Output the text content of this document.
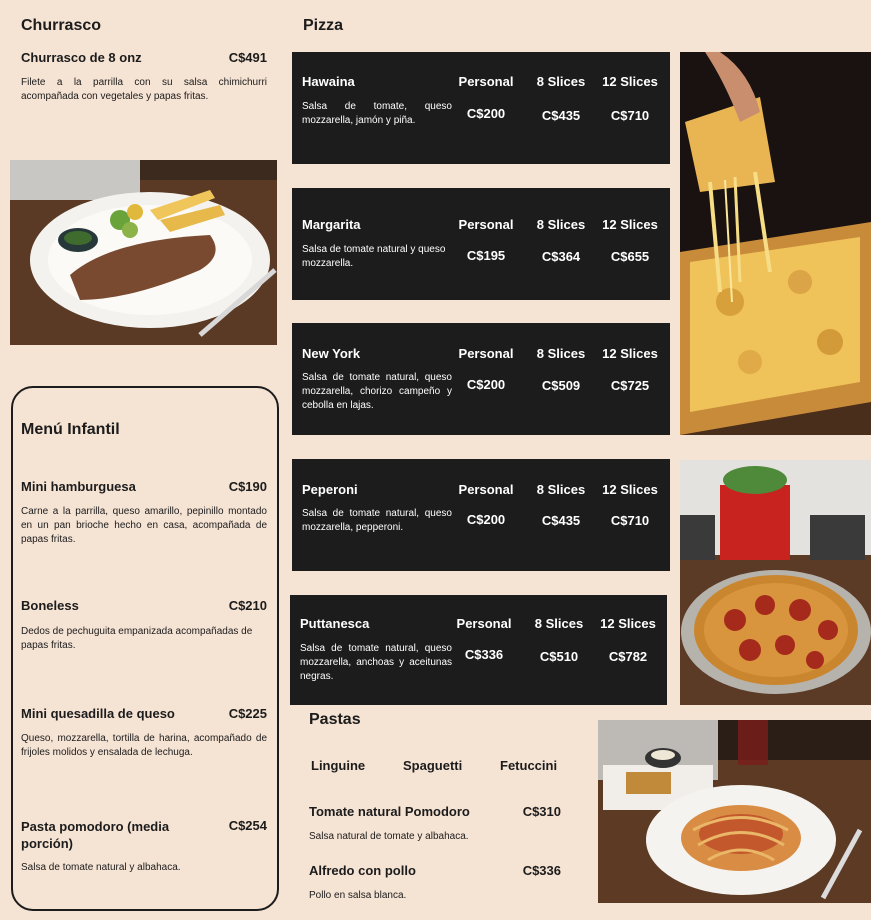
Churrasco
Churrasco de 8 onz	C$491
Filete a la parrilla con su salsa chimichurri acompañada con vegetales y papas fritas.
Menú Infantil
Mini hamburguesa	C$190
Carne a la parrilla, queso amarillo, pepinillo montado en un pan brioche hecho en casa, acompañada de papas fritas.
Boneless	C$210
Dedos de pechuguita empanizada acompañadas de papas fritas.
Mini quesadilla de queso	C$225
Queso, mozzarella, tortilla de harina, acompañado de frijoles molidos y ensalada de lechuga.
Pasta pomodoro (media porción)
C$254
Salsa de tomate natural y albahaca.
Pizza
Hawaina
Salsa de tomate, queso mozzarella, jamón y piña.
Personal	8 Slices	12 Slices
C$200	C$435	C$710
Margarita
Salsa de tomate natural y queso mozzarella.
Personal	8 Slices	12 Slices
C$195	C$364	C$655
New York
Salsa de tomate natural, queso mozzarella, chorizo campeño y cebolla en lajas.
Personal	8 Slices	12 Slices
C$200	C$509	C$725
Peperoni
Salsa de tomate natural, queso mozzarella, pepperoni.
Personal	8 Slices	12 Slices
C$200	C$435	C$710
Puttanesca
Salsa de tomate natural, queso mozzarella, anchoas y aceitunas negras.
Personal	8 Slices	12 Slices
C$336	C$510	C$782
Pastas
Linguine	Spaguetti	Fetuccini
Tomate natural Pomodoro	C$310
Salsa natural de tomate y albahaca.
Alfredo con pollo	C$336
Pollo en salsa blanca.
